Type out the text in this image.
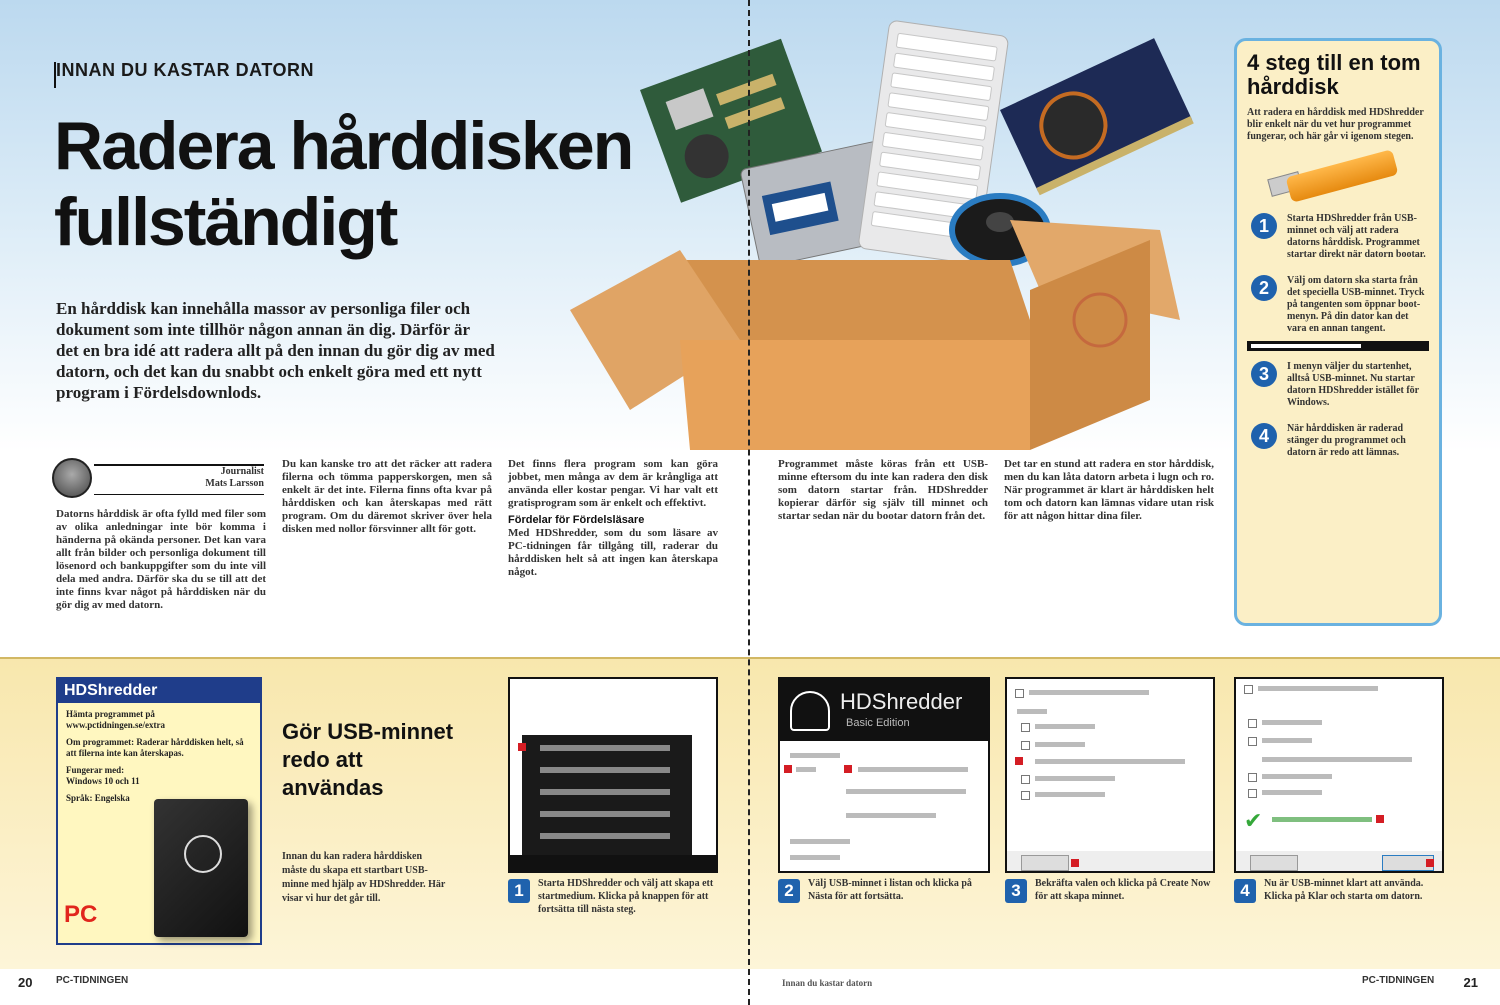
INNAN DU KASTAR DATORN
Radera hårddisken
fullständigt

En hårddisk kan innehålla massor av personliga filer och dokument som inte tillhör någon annan än dig. Därför är det en bra idé att radera allt på den innan du gör dig av med datorn, och det kan du snabbt och enkelt göra med ett nytt program i Fördelsdownlods.

Journalist
Mats Larsson

Datorns hårddisk är ofta fylld med filer som av olika anledningar inte bör komma i händerna på okända personer. Det kan vara allt från bilder och personliga dokument till lösenord och bankuppgifter som du inte vill dela med andra. Därför ska du se till att det inte finns kvar något på hårddisken när du gör dig av med datorn.

Du kan kanske tro att det räcker att radera filerna och tömma papperskorgen, men så enkelt är det inte. Filerna finns ofta kvar på hårddisken och kan återskapas med rätt program. Om du däremot skriver över hela disken med nollor försvinner allt för gott.

Det finns flera program som kan göra jobbet, men många av dem är krångliga att använda eller kostar pengar. Vi har valt ett gratisprogram som är enkelt och effektivt.
Fördelar för Fördelsläsare
Med HDShredder, som du som läsare av PC-tidningen får tillgång till, raderar du hårddisken helt så att ingen kan återskapa något.

Programmet måste köras från ett USB-minne eftersom du inte kan radera den disk som datorn startar från. HDShredder kopierar därför sig själv till minnet och startar sedan när du bootar datorn från det.

Det tar en stund att radera en stor hårddisk, men du kan låta datorn arbeta i lugn och ro. När programmet är klart är hårddisken helt tom och datorn kan lämnas vidare utan risk för att någon hittar dina filer.

4 steg till en tom hårddisk

Att radera en hårddisk med HDShredder blir enkelt när du vet hur programmet fungerar, och här går vi igenom stegen.

1	Starta HDShredder från USB-minnet och välj att radera datorns hårddisk. Programmet startar direkt när datorn bootar.
2	Välj om datorn ska starta från det speciella USB-minnet. Tryck på tangenten som öppnar boot-menyn. På din dator kan det vara en annan tangent.
3	I menyn väljer du startenhet, alltså USB-minnet. Nu startar datorn HDShredder istället för Windows.
4	När hårddisken är raderad stänger du programmet och datorn är redo att lämnas.
HDShredder

Hämta programmet på www.pctidningen.se/extra

Om programmet: Raderar hårddisken helt, så att filerna inte kan återskapas.

Fungerar med: Windows 10 och 11

Språk: Engelska

PC
Gör USB-minnet redo att användas

Innan du kan radera hårddisken måste du skapa ett startbart USB-minne med hjälp av HDShredder. Här visar vi hur det går till.

HDShredder
Basic Edition
✔

1	Starta HDShredder och välj att skapa ett startmedium. Klicka på knappen för att fortsätta till nästa steg.

2	Välj USB-minnet i listan och klicka på Nästa för att fortsätta.	3	Bekräfta valen och klicka på Create Now för att skapa minnet.	4	Nu är USB-minnet klart att använda. Klicka på Klar och starta om datorn.

20 PC-TIDNINGEN	Innan du kastar datorn	PC-TIDNINGEN 21
